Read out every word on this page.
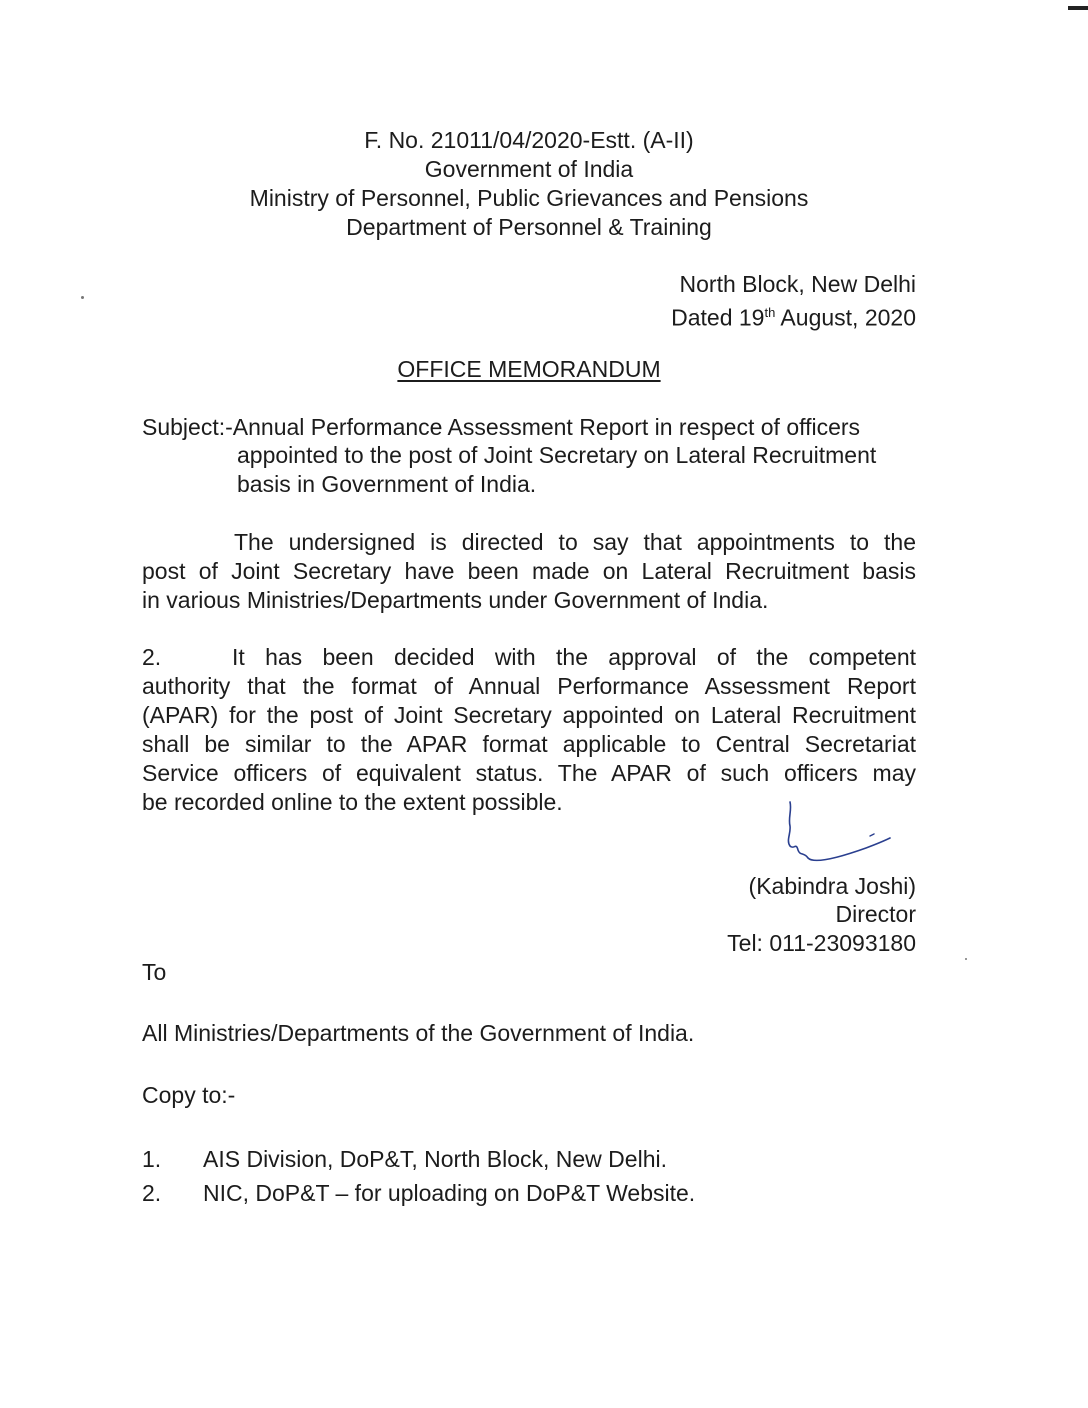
F. No. 21011/04/2020-Estt. (A-II)
Government of India
Ministry of Personnel, Public Grievances and Pensions
Department of Personnel & Training
North Block, New Delhi
Dated 19th August, 2020
OFFICE MEMORANDUM
Subject:-Annual Performance Assessment Report in respect of officers
appointed to the post of Joint Secretary on Lateral Recruitment
basis in Government of India.
The undersigned is directed to say that appointments to the
post of Joint Secretary have been made on Lateral Recruitment basis
in various Ministries/Departments under Government of India.
2.	It has been decided with the approval of the competent
authority that the format of Annual Performance Assessment Report
(APAR) for the post of Joint Secretary appointed on Lateral Recruitment
shall be similar to the APAR format applicable to Central Secretariat
Service officers of equivalent status. The APAR of such officers may
be recorded online to the extent possible.
(Kabindra Joshi)
Director
Tel: 011-23093180
To
All Ministries/Departments of the Government of India.
Copy to:-
1. AIS Division, DoP&T, North Block, New Delhi.
2. NIC, DoP&T – for uploading on DoP&T Website.
